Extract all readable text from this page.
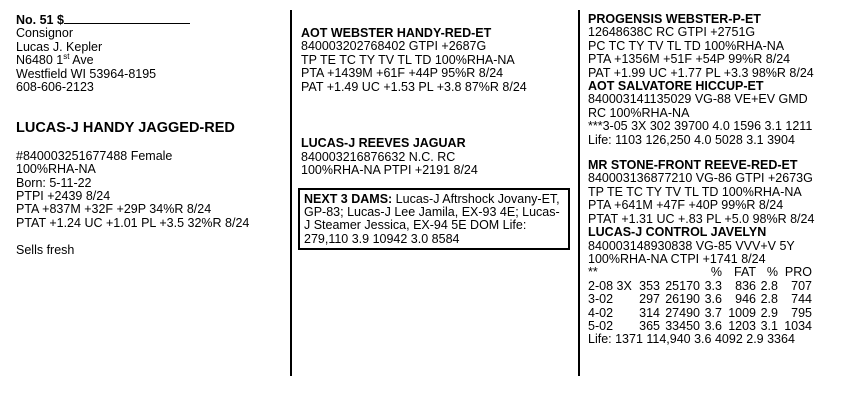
No. 51 $
Consignor
Lucas J. Kepler
N6480 1st Ave
Westfield WI 53964-8195
608-606-2123
LUCAS-J HANDY JAGGED-RED
#840003251677488 Female
100%RHA-NA
Born: 5-11-22
PTPI +2439 8/24
PTA +837M +32F +29P 34%R 8/24
PTAT +1.24 UC +1.01 PL +3.5 32%R 8/24
Sells fresh
AOT WEBSTER HANDY-RED-ET
840003202768402 GTPI +2687G
TP TE TC TY TV TL TD 100%RHA-NA
PTA +1439M +61F +44P 95%R 8/24
PAT +1.49 UC +1.53 PL +3.8 87%R 8/24
LUCAS-J REEVES JAGUAR
840003216876632 N.C. RC
100%RHA-NA PTPI +2191 8/24
NEXT 3 DAMS: Lucas-J Aftrshock Jovany-ET, GP-83; Lucas-J Lee Jamila, EX-93 4E; Lucas-J Steamer Jessica, EX-94 5E DOM Life: 279,110 3.9 10942 3.0 8584
PROGENSIS WEBSTER-P-ET
12648638C RC GTPI +2751G
PC TC TY TV TL TD 100%RHA-NA
PTA +1356M +51F +54P 99%R 8/24
PAT +1.99 UC +1.77 PL +3.3 98%R 8/24
AOT SALVATORE HICCUP-ET
840003141135029 VG-88 VE+EV GMD
RC 100%RHA-NA
***3-05 3X 302 39700 4.0 1596 3.1 1211
Life: 1103 126,250 4.0 5028 3.1 3904
MR STONE-FRONT REEVE-RED-ET
840003136877210 VG-86 GTPI +2673G
TP TE TC TY TV TL TD 100%RHA-NA
PTA +641M +47F +40P 99%R 8/24
PTAT +1.31 UC +.83 PL +5.0 98%R 8/24
LUCAS-J CONTROL JAVELYN
840003148930838 VG-85 VVV+V 5Y
100%RHA-NA CTPI +1741 8/24
**			%	FAT	%	PRO
2-08 3X	353	25170	3.3	836	2.8	707
3-02	297	26190	3.6	946	2.8	744
4-02	314	27490	3.7	1009	2.9	795
5-02	365	33450	3.6	1203	3.1	1034
Life: 1371 114,940 3.6 4092 2.9 3364
